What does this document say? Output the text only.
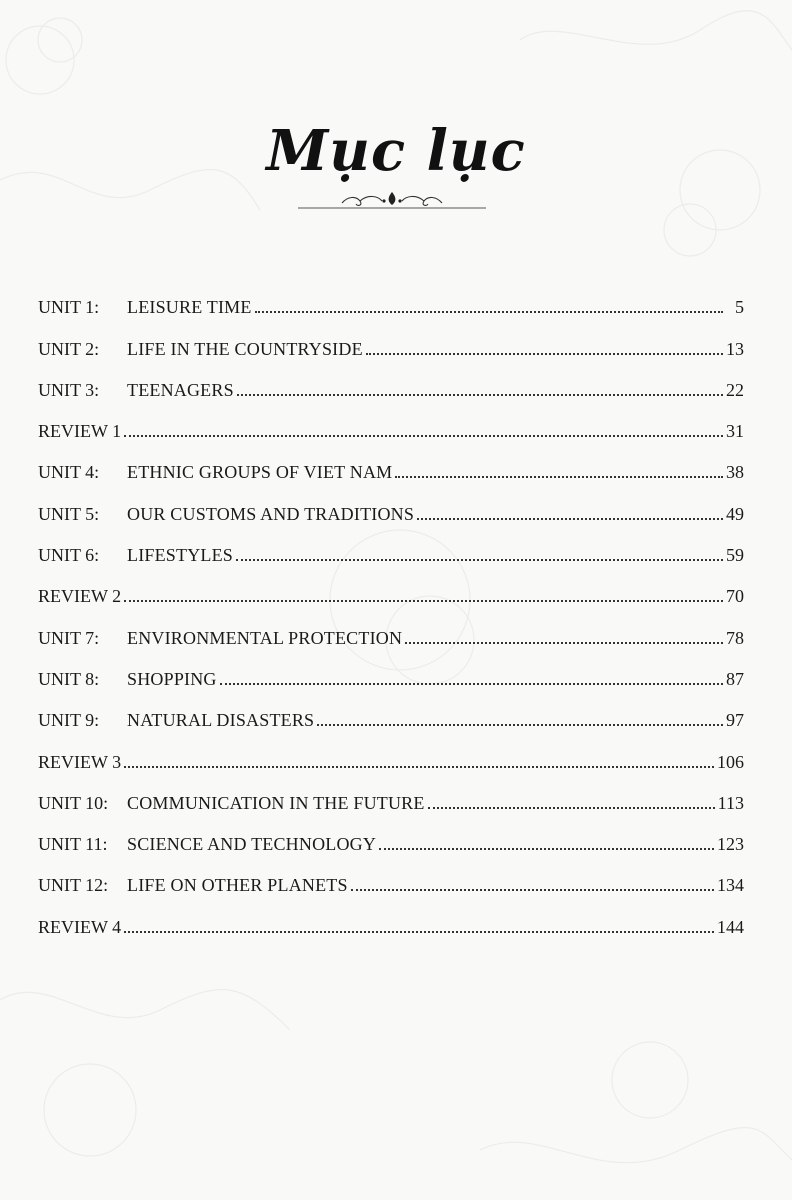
Mục lục
UNIT 1:	LEISURE TIME	5
UNIT 2:	LIFE IN THE COUNTRYSIDE	13
UNIT 3:	TEENAGERS	22
REVIEW 1	31
UNIT 4:	ETHNIC GROUPS OF VIET NAM	38
UNIT 5:	OUR CUSTOMS AND TRADITIONS	49
UNIT 6:	LIFESTYLES	59
REVIEW 2	70
UNIT 7:	ENVIRONMENTAL PROTECTION	78
UNIT 8:	SHOPPING	87
UNIT 9:	NATURAL DISASTERS	97
REVIEW 3	106
UNIT 10:	COMMUNICATION IN THE FUTURE	113
UNIT 11:	SCIENCE AND TECHNOLOGY	123
UNIT 12:	LIFE ON OTHER PLANETS	134
REVIEW 4	144
